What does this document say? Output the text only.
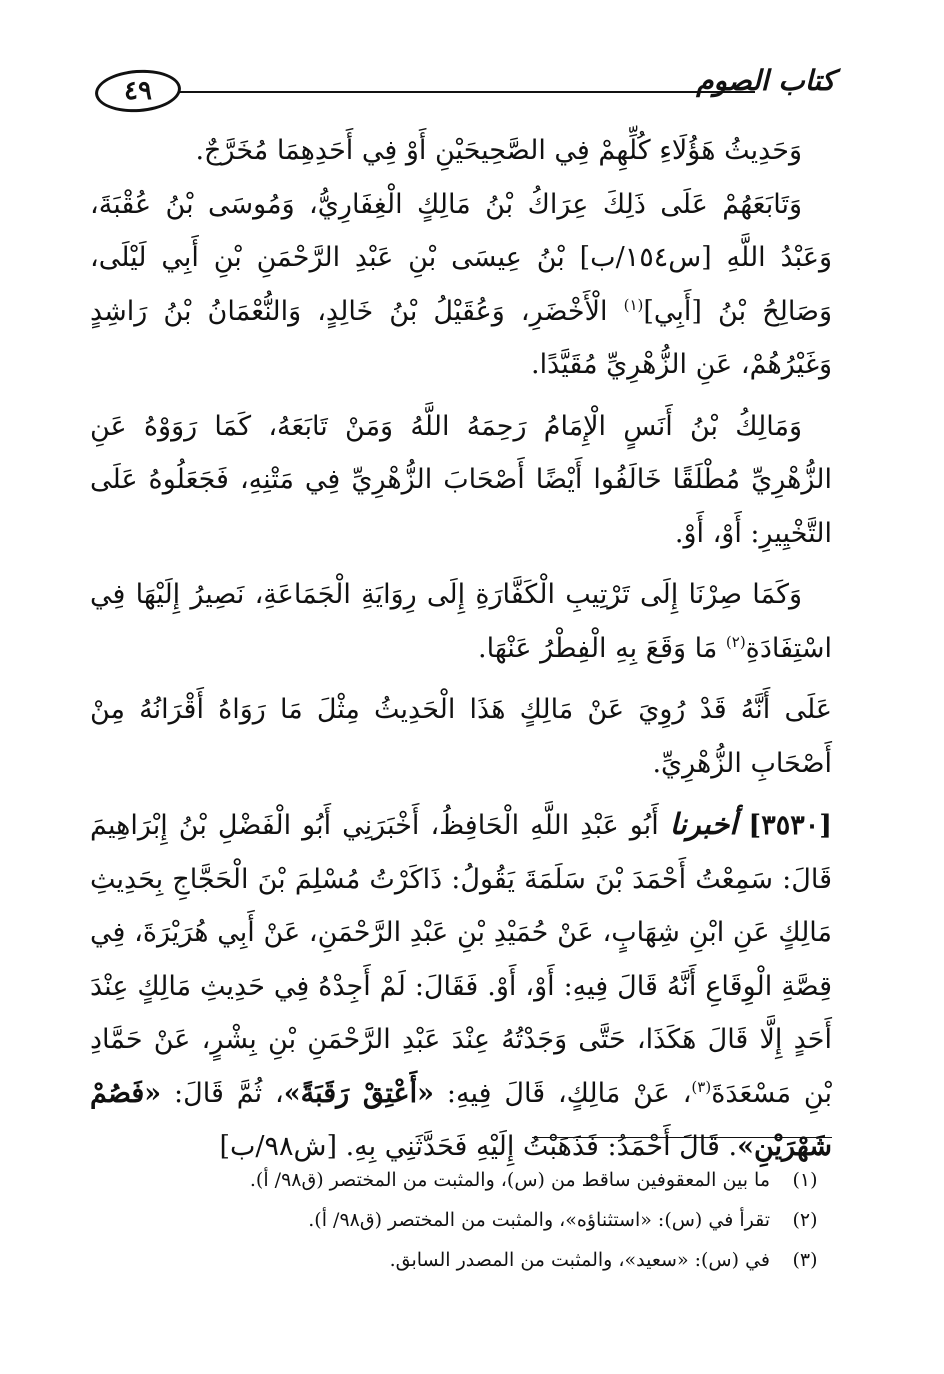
٤٩	كتاب الصوم

وَحَدِيثُ هَؤُلَاءِ كُلِّهِمْ فِي الصَّحِيحَيْنِ أَوْ فِي أَحَدِهِمَا مُخَرَّجٌ.

وَتَابَعَهُمْ عَلَى ذَلِكَ عِرَاكُ بْنُ مَالِكٍ الْغِفَارِيُّ، وَمُوسَى بْنُ عُقْبَةَ، وَعَبْدُ اللَّهِ [س١٥٤/ب] بْنُ عِيسَى بْنِ عَبْدِ الرَّحْمَنِ بْنِ أَبِي لَيْلَى، وَصَالِحُ بْنُ [أَبِي]$^{(١)}$ الْأَخْضَرِ، وَعُقَيْلُ بْنُ خَالِدٍ، وَالنُّعْمَانُ بْنُ رَاشِدٍ وَغَيْرُهُمْ، عَنِ الزُّهْرِيِّ مُقَيَّدًا.

وَمَالِكُ بْنُ أَنَسٍ الْإِمَامُ رَحِمَهُ اللَّهُ وَمَنْ تَابَعَهُ، كَمَا رَوَوْهُ عَنِ الزُّهْرِيِّ مُطْلَقًا خَالَفُوا أَيْضًا أَصْحَابَ الزُّهْرِيِّ فِي مَتْنِهِ، فَجَعَلُوهُ عَلَى التَّخْيِيرِ: أَوْ، أَوْ.

وَكَمَا صِرْنَا إِلَى تَرْتِيبِ الْكَفَّارَةِ إِلَى رِوَايَةِ الْجَمَاعَةِ، نَصِيرُ إِلَيْهَا فِي اسْتِفَادَةِ$^{(٢)}$ مَا وَقَعَ بِهِ الْفِطْرُ عَنْهَا.

عَلَى أَنَّهُ قَدْ رُوِيَ عَنْ مَالِكٍ هَذَا الْحَدِيثُ مِثْلَ مَا رَوَاهُ أَقْرَانُهُ مِنْ أَصْحَابِ الزُّهْرِيِّ.

[٣٥٣٠] أخبرنا أَبُو عَبْدِ اللَّهِ الْحَافِظُ، أَخْبَرَنِي أَبُو الْفَضْلِ بْنُ إِبْرَاهِيمَ قَالَ: سَمِعْتُ أَحْمَدَ بْنَ سَلَمَةَ يَقُولُ: ذَاكَرْتُ مُسْلِمَ بْنَ الْحَجَّاجِ بِحَدِيثِ مَالِكٍ عَنِ ابْنِ شِهَابٍ، عَنْ حُمَيْدِ بْنِ عَبْدِ الرَّحْمَنِ، عَنْ أَبِي هُرَيْرَةَ، فِي قِصَّةِ الْوِقَاعِ أَنَّهُ قَالَ فِيهِ: أَوْ، أَوْ. فَقَالَ: لَمْ أَجِدْهُ فِي حَدِيثِ مَالِكٍ عِنْدَ أَحَدٍ إِلَّا قَالَ هَكَذَا، حَتَّى وَجَدْتُهُ عِنْدَ عَبْدِ الرَّحْمَنِ بْنِ بِشْرٍ، عَنْ حَمَّادِ بْنِ مَسْعَدَةَ$^{(٣)}$، عَنْ مَالِكٍ، قَالَ فِيهِ: «أَعْتِقْ رَقَبَةً»، ثُمَّ قَالَ: «فَصُمْ شَهْرَيْنِ». قَالَ أَحْمَدُ: فَذَهَبْتُ إِلَيْهِ فَحَدَّثَنِي بِهِ. [ش٩٨/ب]

(١)
ما بين المعقوفين ساقط من (س)، والمثبت من المختصر (ق٩٨/ أ).
(٢)
تقرأ في (س): «استثناؤه»، والمثبت من المختصر (ق٩٨/ أ).
(٣)
في (س): «سعيد»، والمثبت من المصدر السابق.
